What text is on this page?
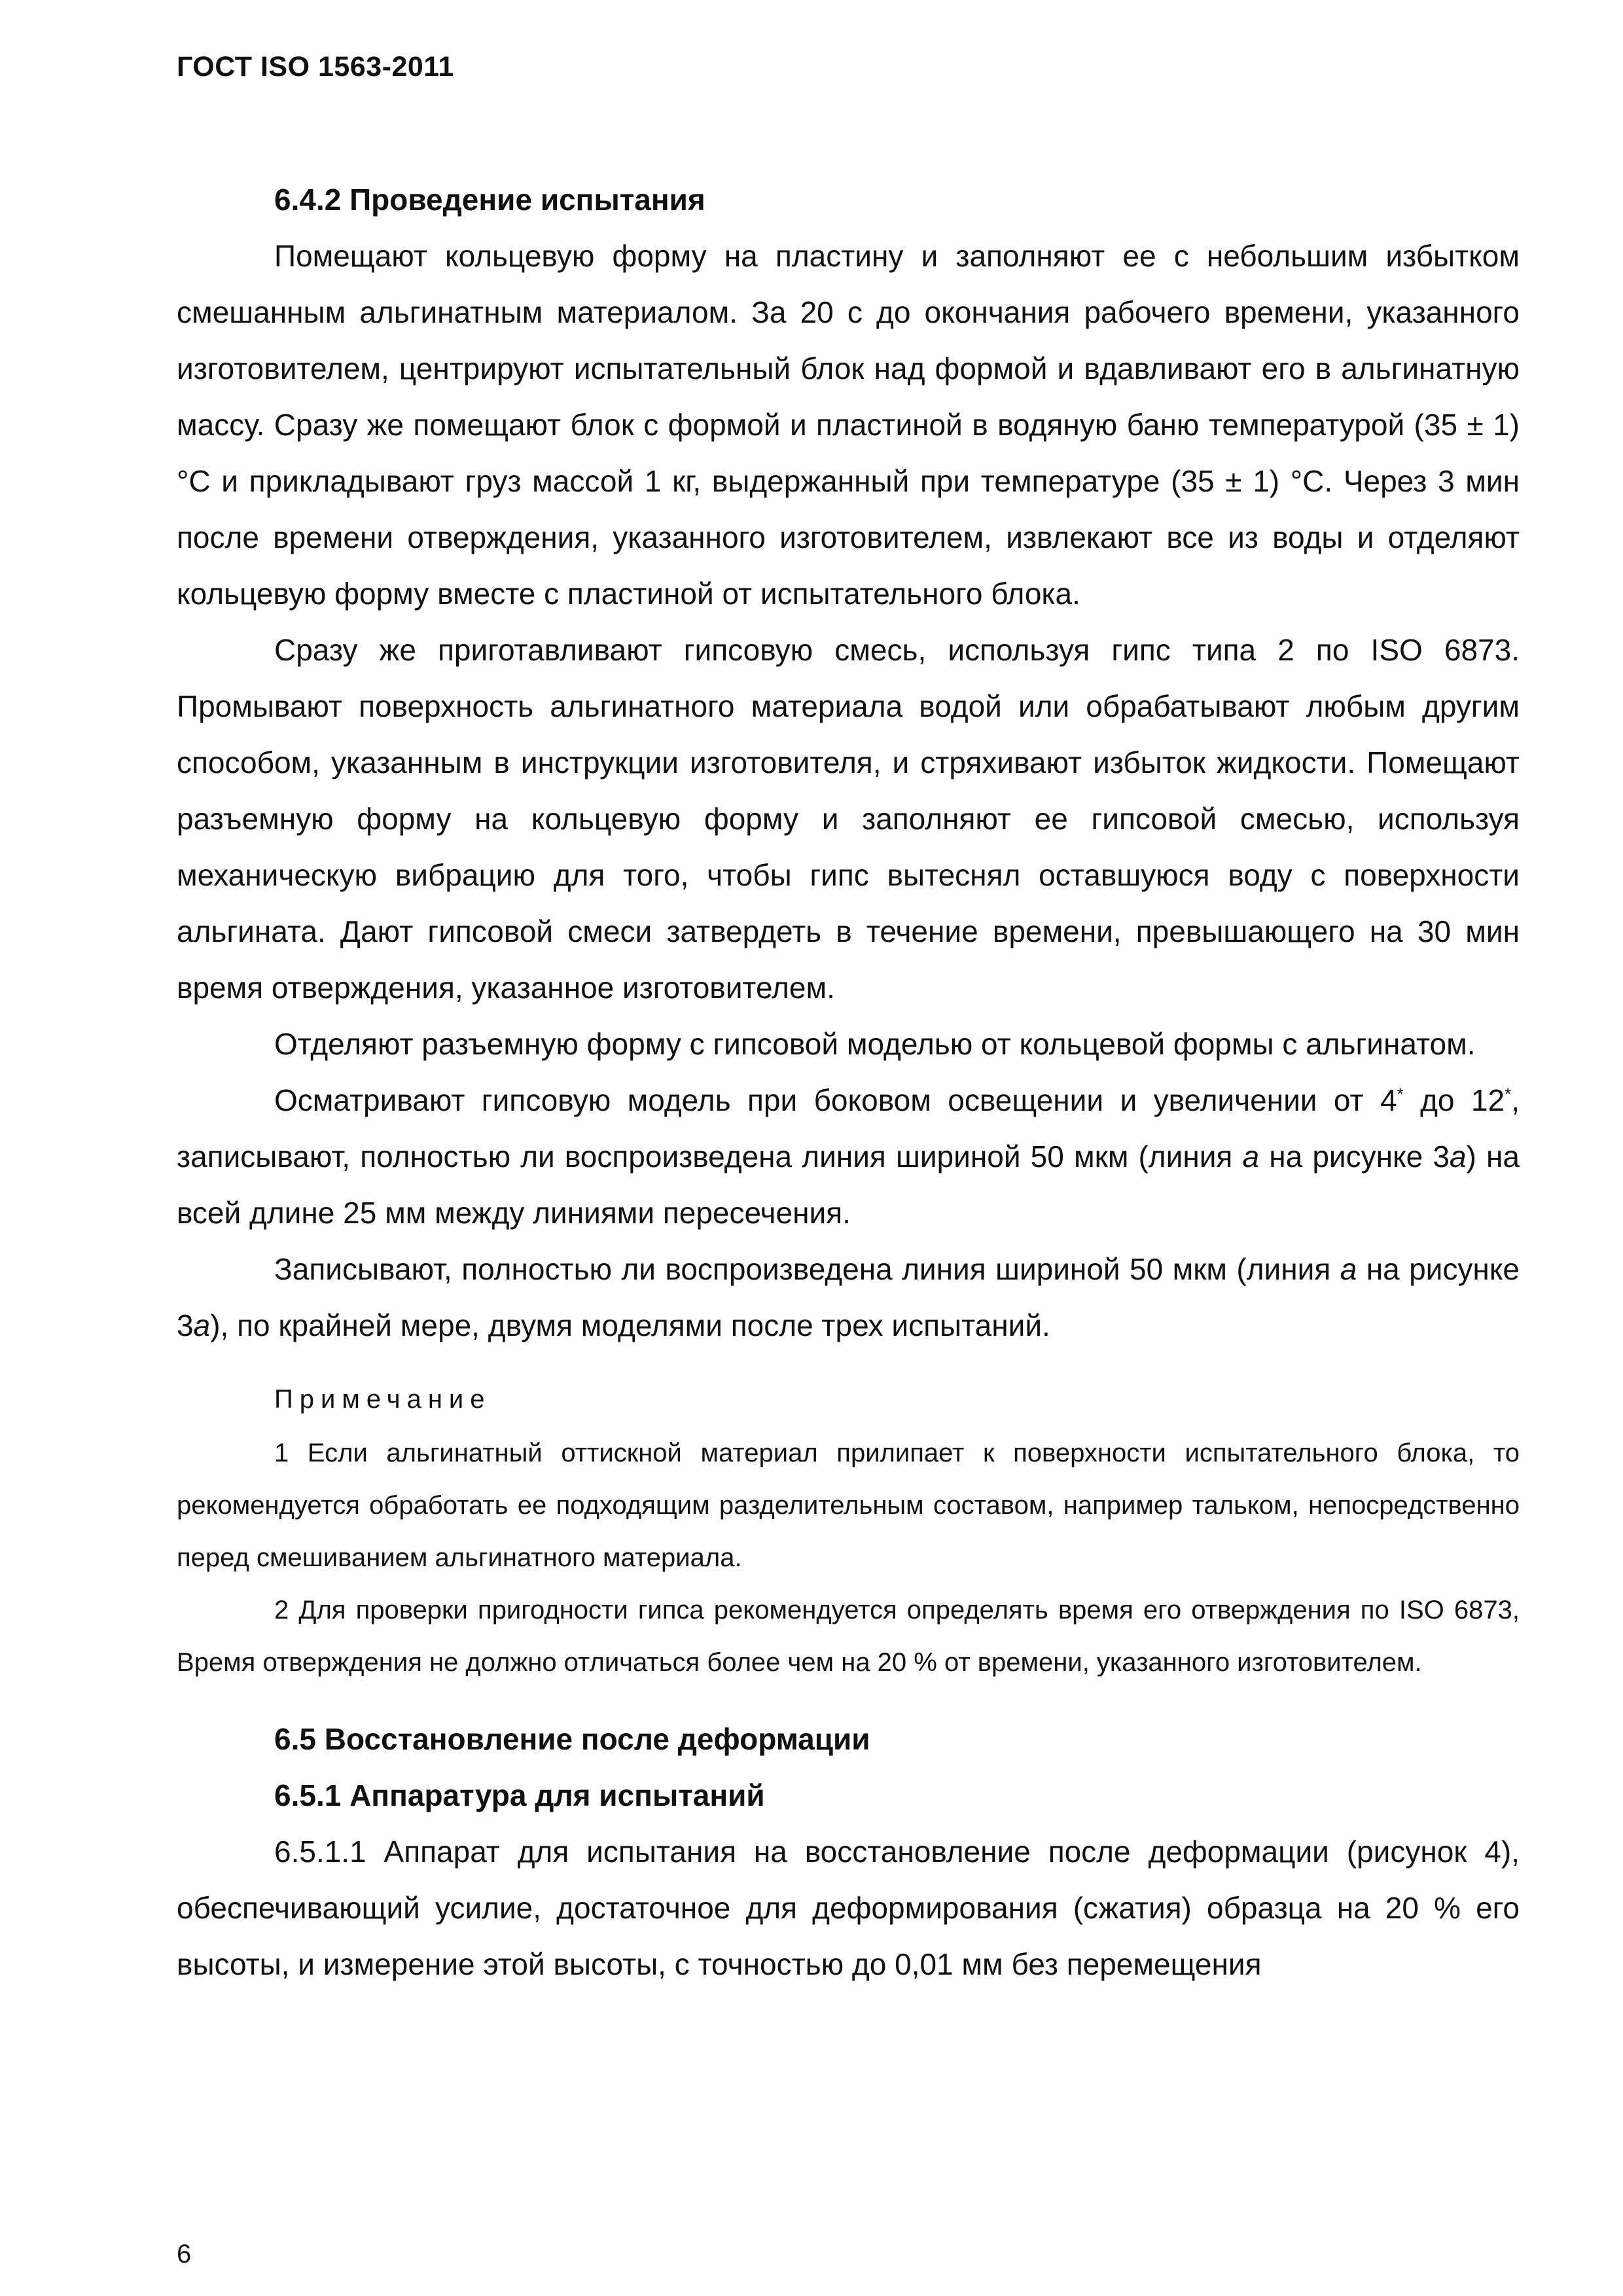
ГОСТ ISO 1563-2011

6.4.2 Проведение испытания

Помещают кольцевую форму на пластину и заполняют ее с небольшим избытком смешанным альгинатным материалом. За 20 с до окончания рабочего времени, указанного изготовителем, центрируют испытательный блок над формой и вдавливают его в альгинатную массу. Сразу же помещают блок с формой и пластиной в водяную баню температурой (35 ± 1) °С и прикладывают груз массой 1 кг, выдержанный при температуре (35 ± 1) °С. Через 3 мин после времени отверждения, указанного изготовителем, извлекают все из воды и отделяют кольцевую форму вместе с пластиной от испытательного блока.

Сразу же приготавливают гипсовую смесь, используя гипс типа 2 по ISO 6873. Промывают поверхность альгинатного материала водой или обрабатывают любым другим способом, указанным в инструкции изготовителя, и стряхивают избыток жидкости. Помещают разъемную форму на кольцевую форму и заполняют ее гипсовой смесью, используя механическую вибрацию для того, чтобы гипс вытеснял оставшуюся воду с поверхности альгината. Дают гипсовой смеси затвердеть в течение времени, превышающего на 30 мин время отверждения, указанное изготовителем.

Отделяют разъемную форму с гипсовой моделью от кольцевой формы с альгинатом.

Осматривают гипсовую модель при боковом освещении и увеличении от 4* до 12*, записывают, полностью ли воспроизведена линия шириной 50 мкм (линия а на рисунке 3а) на всей длине 25 мм между линиями пересечения.

Записывают, полностью ли воспроизведена линия шириной 50 мкм (линия а на рисунке 3а), по крайней мере, двумя моделями после трех испытаний.

Примечание

1 Если альгинатный оттискной материал прилипает к поверхности испытательного блока, то рекомендуется обработать ее подходящим разделительным составом, например тальком, непосредственно перед смешиванием альгинатного материала.

2 Для проверки пригодности гипса рекомендуется определять время его отверждения по ISO 6873, Время отверждения не должно отличаться более чем на 20 % от времени, указанного изготовителем.

6.5 Восстановление после деформации

6.5.1 Аппаратура для испытаний

6.5.1.1 Аппарат для испытания на восстановление после деформации (рисунок 4), обеспечивающий усилие, достаточное для деформирования (сжатия) образца на 20 % его высоты, и измерение этой высоты, с точностью до 0,01 мм без перемещения

6
